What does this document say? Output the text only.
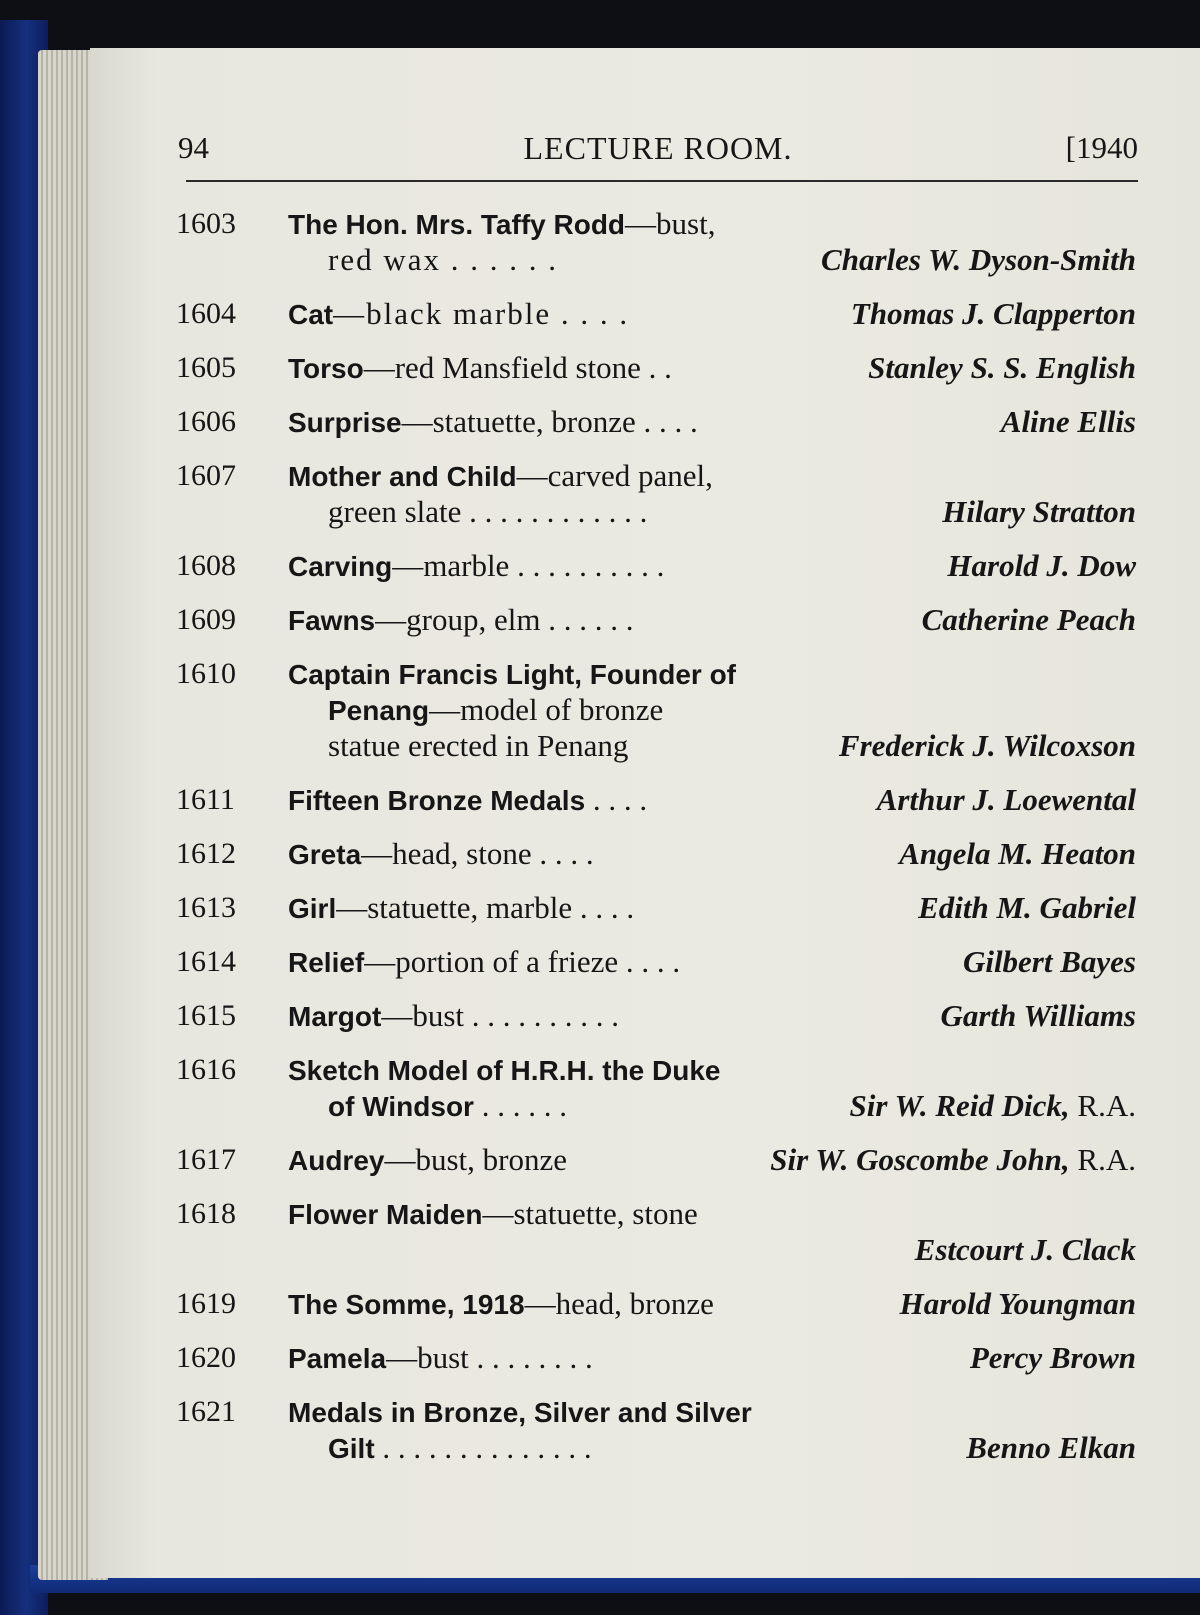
94	LECTURE ROOM.	[1940
1603	The Hon. Mrs. Taffy Rodd—bust,
red wax . . . . . .	Charles W. Dyson-Smith
1604	Cat—black marble . . . .	Thomas J. Clapperton
1605	Torso—red Mansfield stone . .	Stanley S. S. English
1606	Surprise—statuette, bronze . . . .	Aline Ellis
1607	Mother and Child—carved panel,
green slate . . . . . . . . . . . .	Hilary Stratton
1608	Carving—marble . . . . . . . . . .	Harold J. Dow
1609	Fawns—group, elm . . . . . .	Catherine Peach
1610	Captain Francis Light, Founder of
Penang—model of bronze
statue erected in Penang	Frederick J. Wilcoxson
1611	Fifteen Bronze Medals . . . .	Arthur J. Loewental
1612	Greta—head, stone . . . .	Angela M. Heaton
1613	Girl—statuette, marble . . . .	Edith M. Gabriel
1614	Relief—portion of a frieze . . . .	Gilbert Bayes
1615	Margot—bust . . . . . . . . . .	Garth Williams
1616	Sketch Model of H.R.H. the Duke
of Windsor . . . . . .	Sir W. Reid Dick, R.A.
1617	Audrey—bust, bronze	Sir W. Goscombe John, R.A.
1618	Flower Maiden—statuette, stone
Estcourt J. Clack
1619	The Somme, 1918—head, bronze	Harold Youngman
1620	Pamela—bust . . . . . . . .	Percy Brown
1621	Medals in Bronze, Silver and Silver
Gilt . . . . . . . . . . . . . .	Benno Elkan
